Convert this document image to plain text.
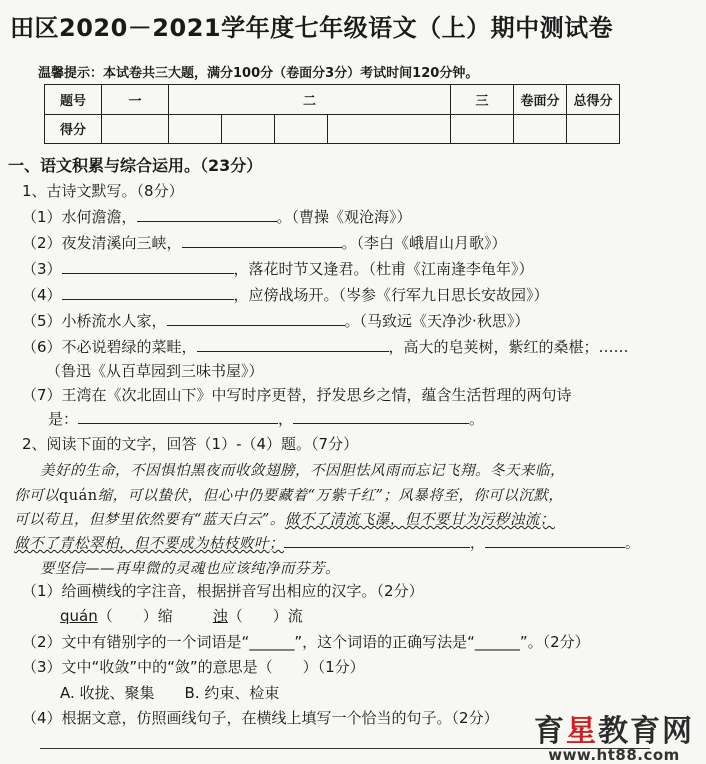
田区2020－2021学年度七年级语文（上）期中测试卷
温馨提示：本试卷共三大题，满分100分（卷面分3分）考试时间120分钟。
题号	一	二				三	卷面分	总得分
得分								
一、语文积累与综合运用。（23分）
1、古诗文默写。（8分）
（1）水何澹澹，	。（曹操《观沧海》）
（2）夜发清溪向三峡，	。（李白《峨眉山月歌》）
（3）	，落花时节又逢君。（杜甫《江南逢李龟年》）
（4）	，应傍战场开。（岑参《行军九日思长安故园》）
（5）小桥流水人家，	。（马致远《天净沙·秋思》）
（6）不必说碧绿的菜畦，	，高大的皂荚树，紫红的桑椹；……
（鲁迅《从百草园到三味书屋》）
（7）王湾在《次北固山下》中写时序更替，抒发思乡之情，蕴含生活哲理的两句诗
是：	，	。
2、阅读下面的文字，回答（1）-（4）题。（7分）
美好的生命，不因惧怕黑夜而收敛翅膀，不因胆怯风雨而忘记飞翔。冬天来临，
你可以quán缩，可以蛰伏，但心中仍要藏着“万紫千红”；风暴将至，你可以沉默，
可以苟且，但梦里依然要有“蓝天白云”。做不了清流飞瀑，但不要甘为污秽浊流；
做不了青松翠柏，但不要成为枯枝败叶；	，	。
要坚信——再卑微的灵魂也应该纯净而芬芳。
（1）给画横线的字注音，根据拼音写出相应的汉字。（2分）
quán（　　）缩	浊（　　）流
（2）文中有错别字的一个词语是“______”，这个词语的正确写法是“______”。（2分）
（3）文中“收敛”中的“敛”的意思是（　　）（1分）
A. 收拢、聚集　　B. 约束、检束
（4）根据文意，仿照画线句子，在横线上填写一个恰当的句子。（2分） 育星教育网
www.ht88.com
